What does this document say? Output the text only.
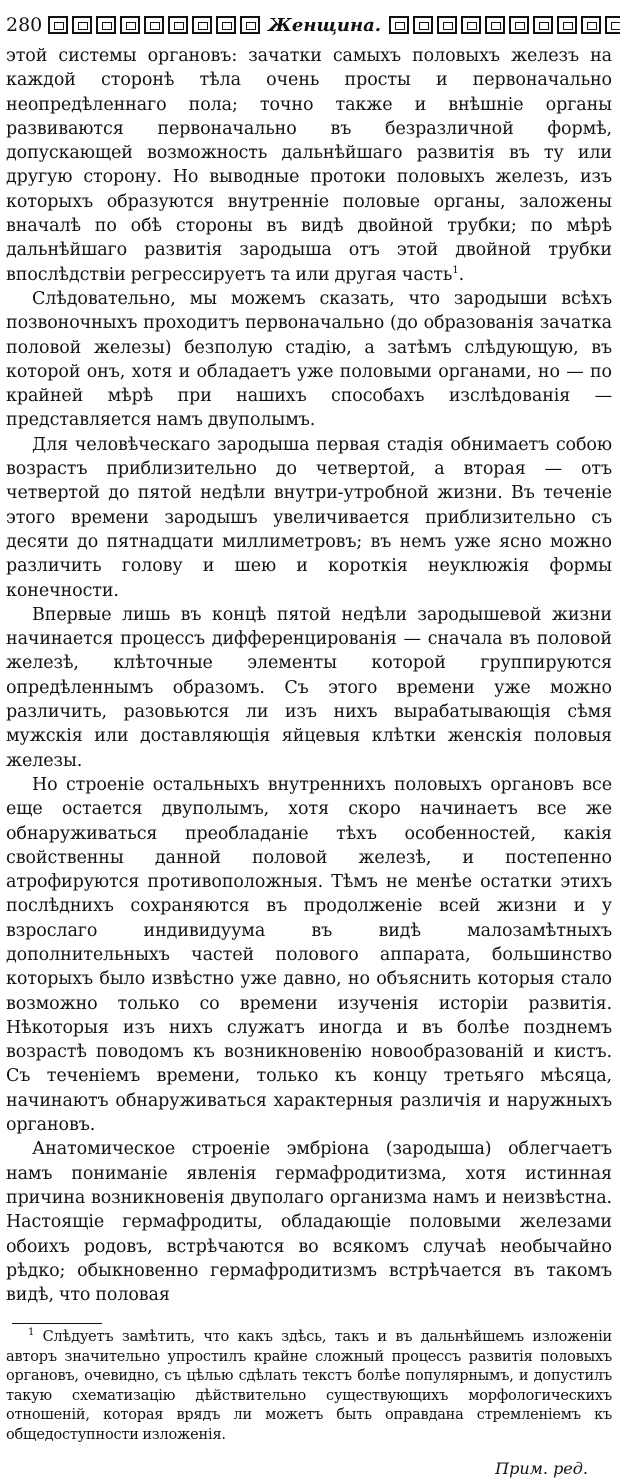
280	Женщина.

этой системы органовъ: зачатки самыхъ половыхъ железъ на каждой сторонѣ тѣла очень просты и первоначально неопредѣленнаго пола; точно также и внѣшніе органы развиваются первоначально въ безразличной формѣ, допускающей возможность дальнѣйшаго развитія въ ту или другую сторону. Но выводные протоки половыхъ железъ, изъ которыхъ образуются внутренніе половые органы, заложены вначалѣ по обѣ стороны въ видѣ двойной трубки; по мѣрѣ дальнѣйшаго развитія зародыша отъ этой двойной трубки впослѣдствіи регрессируетъ та или другая часть$^1$.

Слѣдовательно, мы можемъ сказать, что зародыши всѣхъ позвоночныхъ проходитъ первоначально (до образованія зачатка половой железы) безполую стадію, а затѣмъ слѣдующую, въ которой онъ, хотя и обладаетъ уже половыми органами, но — по крайней мѣрѣ при нашихъ способахъ изслѣдованія — представляется намъ двуполымъ.

Для человѣческаго зародыша первая стадія обнимаетъ собою возрастъ приблизительно до четвертой, а вторая — отъ четвертой до пятой недѣли внутри-утробной жизни. Въ теченіе этого времени зародышъ увеличивается приблизительно съ десяти до пятнадцати миллиметровъ; въ немъ уже ясно можно различить голову и шею и короткія неуклюжія формы конечности.

Впервые лишь въ концѣ пятой недѣли зародышевой жизни начинается процессъ дифференцированія — сначала въ половой железѣ, клѣточные элементы которой группируются опредѣленнымъ образомъ. Съ этого времени уже можно различить, разовьются ли изъ нихъ вырабатывающія сѣмя мужскія или доставляющія яйцевыя клѣтки женскія половыя железы.

Но строеніе остальныхъ внутреннихъ половыхъ органовъ все еще остается двуполымъ, хотя скоро начинаетъ все же обнаруживаться преобладаніе тѣхъ особенностей, какія свойственны данной половой железѣ, и постепенно атрофируются противоположныя. Тѣмъ не менѣе остатки этихъ послѣднихъ сохраняются въ продолженіе всей жизни и у взрослаго индивидуума въ видѣ малозамѣтныхъ дополнительныхъ частей полового аппарата, большинство которыхъ было извѣстно уже давно, но объяснить которыя стало возможно только со времени изученія исторіи развитія. Нѣкоторыя изъ нихъ служатъ иногда и въ болѣе позднемъ возрастѣ поводомъ къ возникновенію новообразованій и кистъ. Съ теченіемъ времени, только къ концу третьяго мѣсяца, начинаютъ обнаруживаться характерныя различія и наружныхъ органовъ.

Анатомическое строеніе эмбріона (зародыша) облегчаетъ намъ пониманіе явленія гермафродитизма, хотя истинная причина возникновенія двуполаго организма намъ и неизвѣстна. Настоящіе гермафродиты, обладающіе половыми железами обоихъ родовъ, встрѣчаются во всякомъ случаѣ необычайно рѣдко; обыкновенно гермафродитизмъ встрѣчается въ такомъ видѣ, что половая

$^1$ Слѣдуетъ замѣтить, что какъ здѣсь, такъ и въ дальнѣйшемъ изложеніи авторъ значительно упростилъ крайне сложный процессъ развитія половыхъ органовъ, очевидно, съ цѣлью сдѣлать текстъ болѣе популярнымъ, и допустилъ такую схематизацію дѣйствительно существующихъ морфологическихъ отношеній, которая врядъ ли можетъ быть оправдана стремленіемъ къ общедоступности изложенія.

Прим. ред.
